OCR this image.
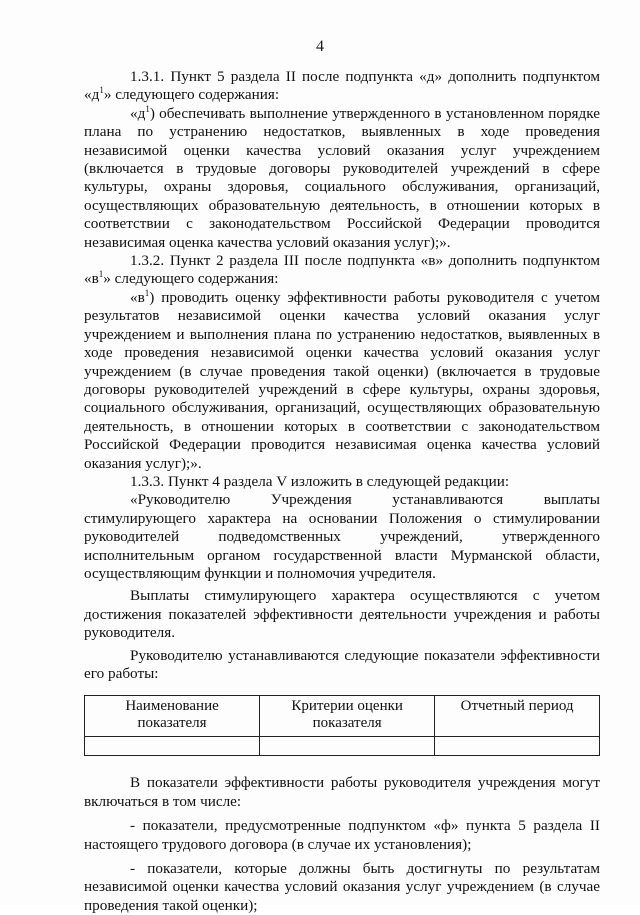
4

1.3.1. Пункт 5 раздела II после подпункта «д» дополнить подпунктом «$д^1$» следующего содержания:

«$д^1$) обеспечивать выполнение утвержденного в установленном порядке плана по устранению недостатков, выявленных в ходе проведения независимой оценки качества условий оказания услуг учреждением (включается в трудовые договоры руководителей учреждений в сфере культуры, охраны здоровья, социального обслуживания, организаций, осуществляющих образовательную деятельность, в отношении которых в соответствии с законодательством Российской Федерации проводится независимая оценка качества условий оказания услуг);».

1.3.2. Пункт 2 раздела III после подпункта «в» дополнить подпунктом «$в^1$» следующего содержания:

«$в^1$) проводить оценку эффективности работы руководителя с учетом результатов независимой оценки качества условий оказания услуг учреждением и выполнения плана по устранению недостатков, выявленных в ходе проведения независимой оценки качества условий оказания услуг учреждением (в случае проведения такой оценки) (включается в трудовые договоры руководителей учреждений в сфере культуры, охраны здоровья, социального обслуживания, организаций, осуществляющих образовательную деятельность, в отношении которых в соответствии с законодательством Российской Федерации проводится независимая оценка качества условий оказания услуг);».

1.3.3. Пункт 4 раздела V изложить в следующей редакции:

«Руководителю Учреждения устанавливаются выплаты стимулирующего характера на основании Положения о стимулировании руководителей подведомственных учреждений, утвержденного исполнительным органом государственной власти Мурманской области, осуществляющим функции и полномочия учредителя.

Выплаты стимулирующего характера осуществляются с учетом достижения показателей эффективности деятельности учреждения и работы руководителя.

Руководителю устанавливаются следующие показатели эффективности его работы:

Наименование показателя	Критерии оценки показателя	Отчетный период

В показатели эффективности работы руководителя учреждения могут включаться в том числе:

- показатели, предусмотренные подпунктом «ф» пункта 5 раздела II настоящего трудового договора (в случае их установления);

- показатели, которые должны быть достигнуты по результатам независимой оценки качества условий оказания услуг учреждением (в случае проведения такой оценки);
